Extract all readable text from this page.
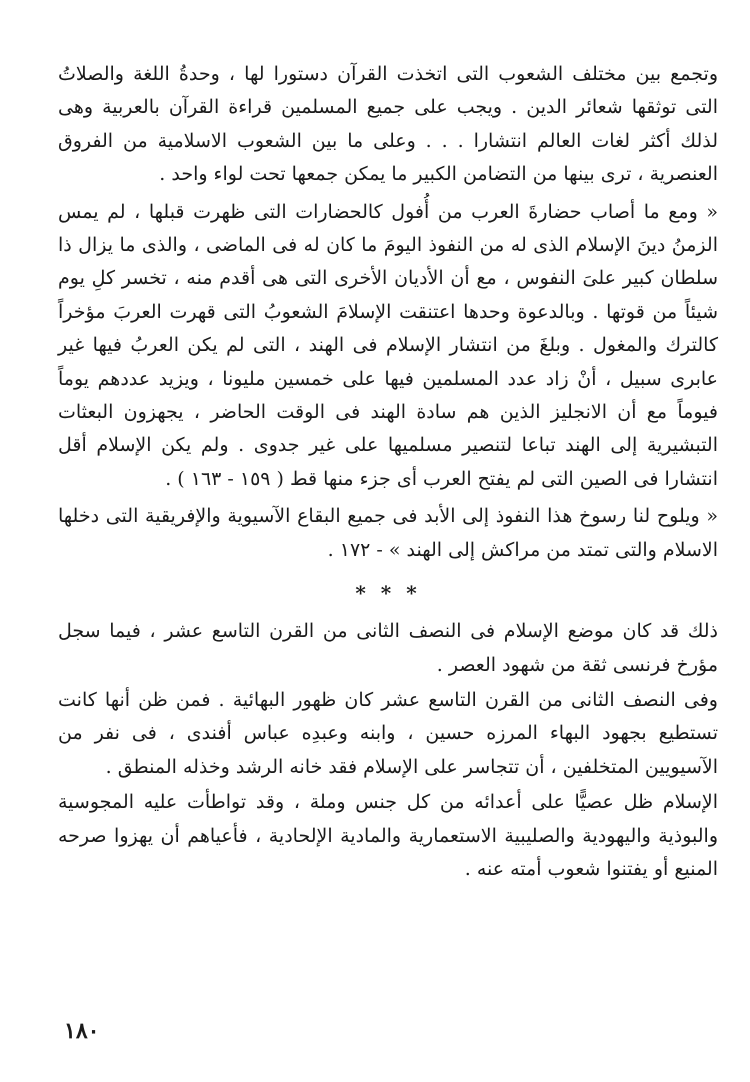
وتجمع بين مختلف الشعوب التى اتخذت القرآن دستورا لها ، وحدةُ اللغة والصلاتُ التى توثقها شعائر الدين . ويجب على جميع المسلمين قراءة القرآن بالعربية وهى لذلك أكثر لغات العالم انتشارا . . . وعلى ما بين الشعوب الاسلامية من الفروق العنصرية ، ترى بينها من التضامن الكبير ما يمكن جمعها تحت لواء واحد .

« ومع ما أصاب حضارةَ العرب من أُفول كالحضارات التى ظهرت قبلها ، لم يمس الزمنُ دينَ الإسلام الذى له من النفوذ اليومَ ما كان له فى الماضى ، والذى ما يزال ذا سلطان كبير علىَ النفوس ، مع أن الأديان الأخرى التى هى أقدم منه ، تخسر كلِ يوم شيئاً من قوتها . وبالدعوة وحدها اعتنقت الإسلامَ الشعوبُ التى قهرت العربَ مؤخراً كالترك والمغول . وبلغَ من انتشار الإسلام فى الهند ، التى لم يكن العربُ فيها غير عابرى سبيل ، أنْ زاد عدد المسلمين فيها على خمسين مليونا ، ويزيد عددهم يوماً فيوماً مع أن الانجليز الذين هم سادة الهند فى الوقت الحاضر ، يجهزون البعثات التبشيرية إلى الهند تباعا لتنصير مسلميها على غير جدوى . ولم يكن الإسلام أقل انتشارا فى الصين التى لم يفتح العرب أى جزء منها قط ( ١٥٩ - ١٦٣ ) .

« ويلوح لنا رسوخ هذا النفوذ إلى الأبد فى جميع البقاع الآسيوية والإفريقية التى دخلها الاسلام والتى تمتد من مراكش إلى الهند » - ١٧٢ .

* * *

ذلك قد كان موضع الإسلام فى النصف الثانى من القرن التاسع عشر ، فيما سجل مؤرخ فرنسى ثقة من شهود العصر .

وفى النصف الثانى من القرن التاسع عشر كان ظهور البهائية . فمن ظن أنها كانت تستطيع بجهود البهاء المرزه حسين ، وابنه وعبدِه عباس أفندى ، فى نفر من الآسيويين المتخلفين ، أن تتجاسر على الإسلام فقد خانه الرشد وخذله المنطق .

الإسلام ظل عصيًّا على أعدائه من كل جنس وملة ، وقد تواطأت عليه المجوسية والبوذية واليهودية والصليبية الاستعمارية والمادية الإلحادية ، فأعياهم أن يهزوا صرحه المنيع أو يفتنوا شعوب أمته عنه .

١٨٠
